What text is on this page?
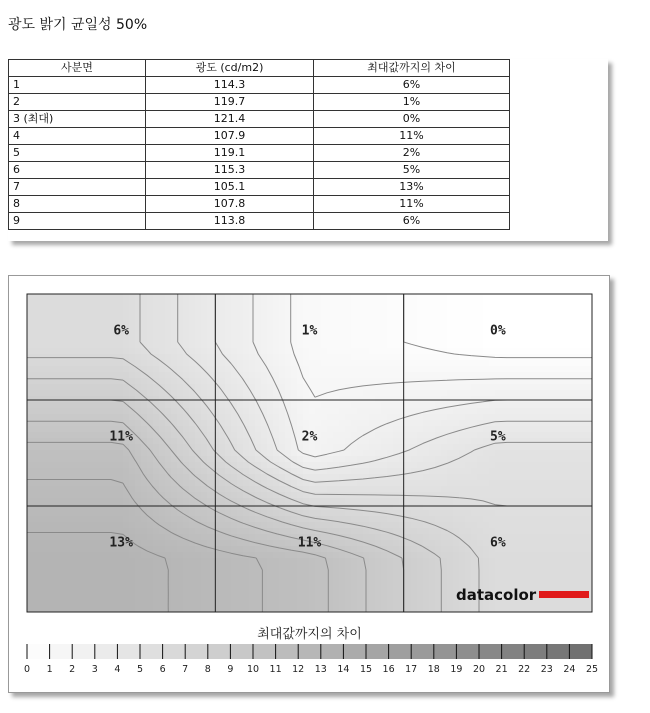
광도 밝기 균일성 50%
사분면	광도 (cd/m2)	최대값까지의 차이
1	114.3	6%
2	119.7	1%
3 (최대)	121.4	0%
4	107.9	11%
5	119.1	2%
6	115.3	5%
7	105.1	13%
8	107.8	11%
9	113.8	6%
6%	1%	0%
11%	2%	5%
13%	11%	6%
datacolor
최대값까지의 차이
0 1 2 3 4 5 6 7 8 9 10 11 12 13 14 15 16 17 18 19 20 21 22 23 24 25
